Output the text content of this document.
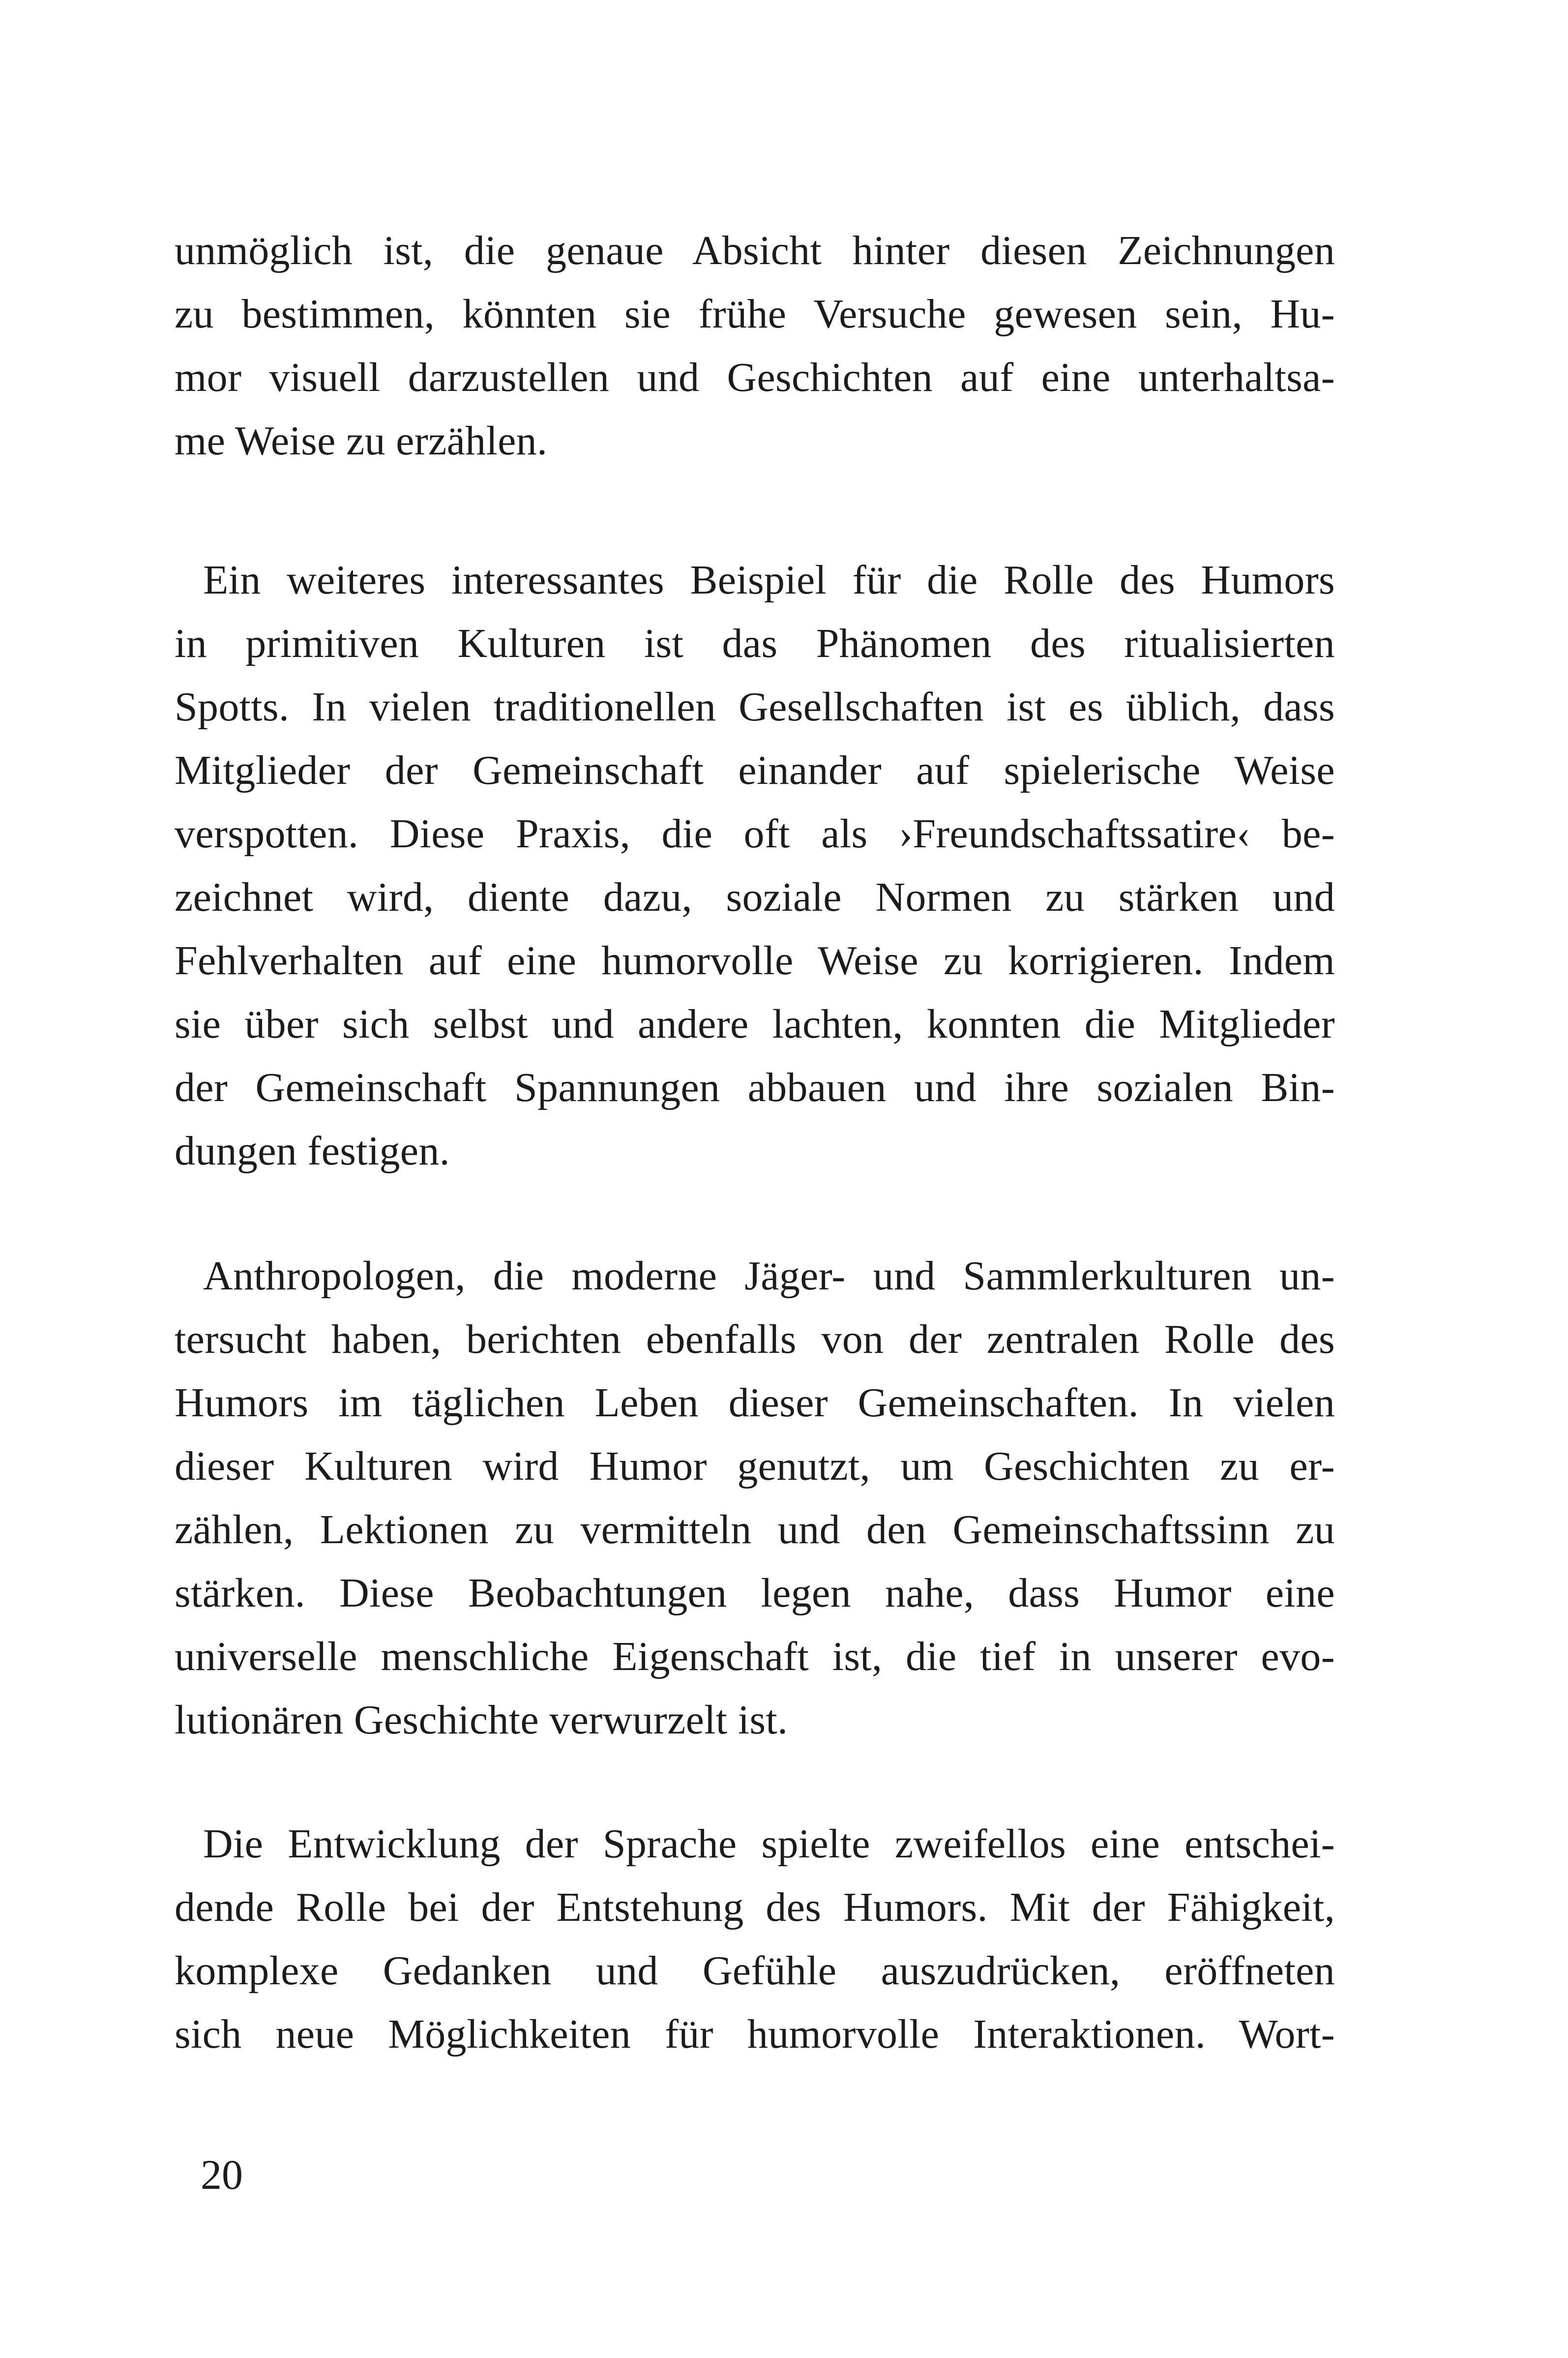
unmöglich ist, die genaue Absicht hinter diesen Zeichnungen
zu bestimmen, könnten sie frühe Versuche gewesen sein, Hu-
mor visuell darzustellen und Geschichten auf eine unterhaltsa-
me Weise zu erzählen.
Ein weiteres interessantes Beispiel für die Rolle des Humors
in primitiven Kulturen ist das Phänomen des ritualisierten
Spotts. In vielen traditionellen Gesellschaften ist es üblich, dass
Mitglieder der Gemeinschaft einander auf spielerische Weise
verspotten. Diese Praxis, die oft als ›Freundschaftssatire‹ be-
zeichnet wird, diente dazu, soziale Normen zu stärken und
Fehlverhalten auf eine humorvolle Weise zu korrigieren. Indem
sie über sich selbst und andere lachten, konnten die Mitglieder
der Gemeinschaft Spannungen abbauen und ihre sozialen Bin-
dungen festigen.
Anthropologen, die moderne Jäger- und Sammlerkulturen un-
tersucht haben, berichten ebenfalls von der zentralen Rolle des
Humors im täglichen Leben dieser Gemeinschaften. In vielen
dieser Kulturen wird Humor genutzt, um Geschichten zu er-
zählen, Lektionen zu vermitteln und den Gemeinschaftssinn zu
stärken. Diese Beobachtungen legen nahe, dass Humor eine
universelle menschliche Eigenschaft ist, die tief in unserer evo-
lutionären Geschichte verwurzelt ist.
Die Entwicklung der Sprache spielte zweifellos eine entschei-
dende Rolle bei der Entstehung des Humors. Mit der Fähigkeit,
komplexe Gedanken und Gefühle auszudrücken, eröffneten
sich neue Möglichkeiten für humorvolle Interaktionen. Wort-
20
